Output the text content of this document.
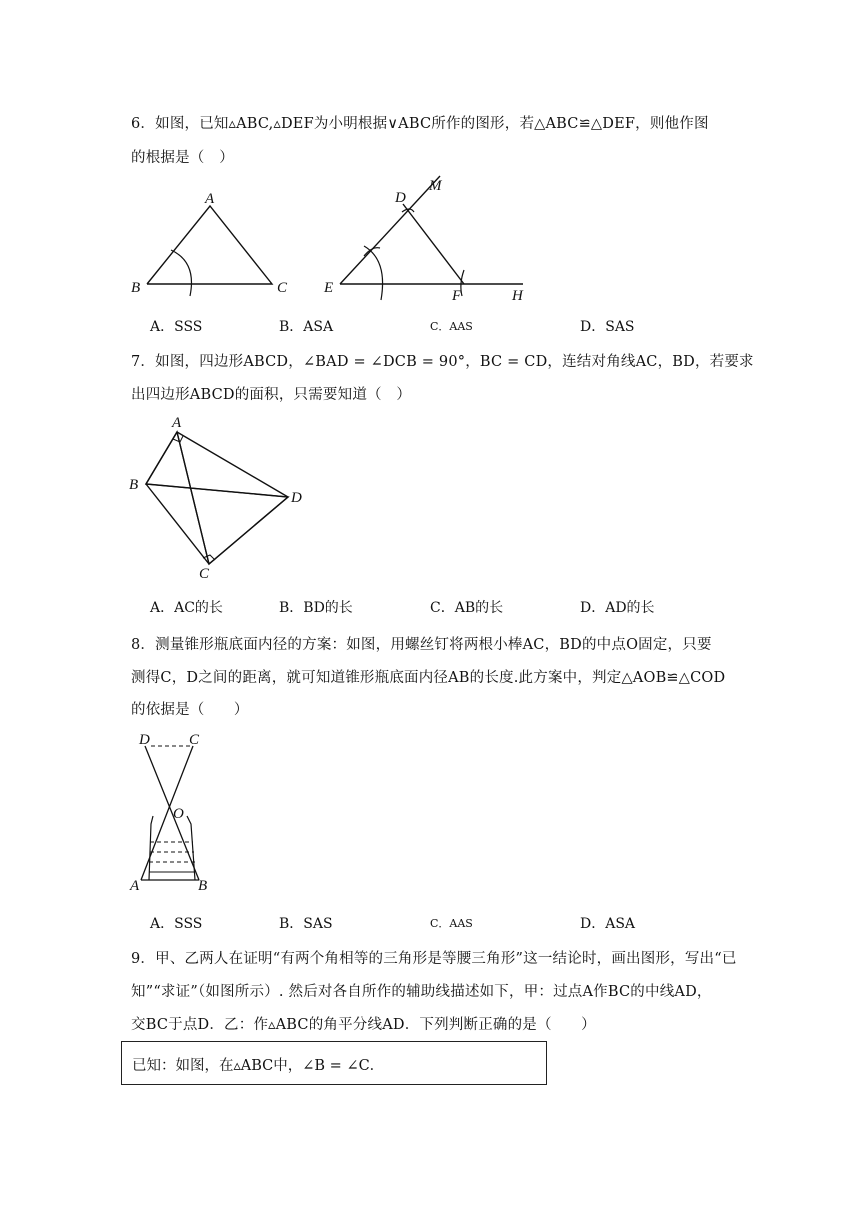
6．如图，已知▵ABC,▵DEF为小明根据∨ABC所作的图形，若△ABC≌△DEF，则他作图
的根据是（　）
A
B	C
D
M
E	F	H
A．SSS	B．ASA	C．AAS	D．SAS
7．如图，四边形ABCD，∠BAD = ∠DCB = 90°，BC = CD，连结对角线AC，BD，若要求
出四边形ABCD的面积，只需要知道（　）
A
B
C
D
A．AC的长	B．BD的长	C．AB的长	D．AD的长
8．测量锥形瓶底面内径的方案：如图，用螺丝钉将两根小棒AC，BD的中点O固定，只要
测得C，D之间的距离，就可知道锥形瓶底面内径AB的长度.此方案中，判定△AOB≌△COD
的依据是（　　）
D	C
O
A	B
A．SSS	B．SAS	C．AAS	D．ASA
9．甲、乙两人在证明“有两个角相等的三角形是等腰三角形”这一结论时，画出图形，写出“已
知”“求证”（如图所示）. 然后对各自所作的辅助线描述如下，甲：过点A作BC的中线AD，
交BC于点D．乙：作▵ABC的角平分线AD．下列判断正确的是（　　）
已知：如图，在▵ABC中，∠B = ∠C．
